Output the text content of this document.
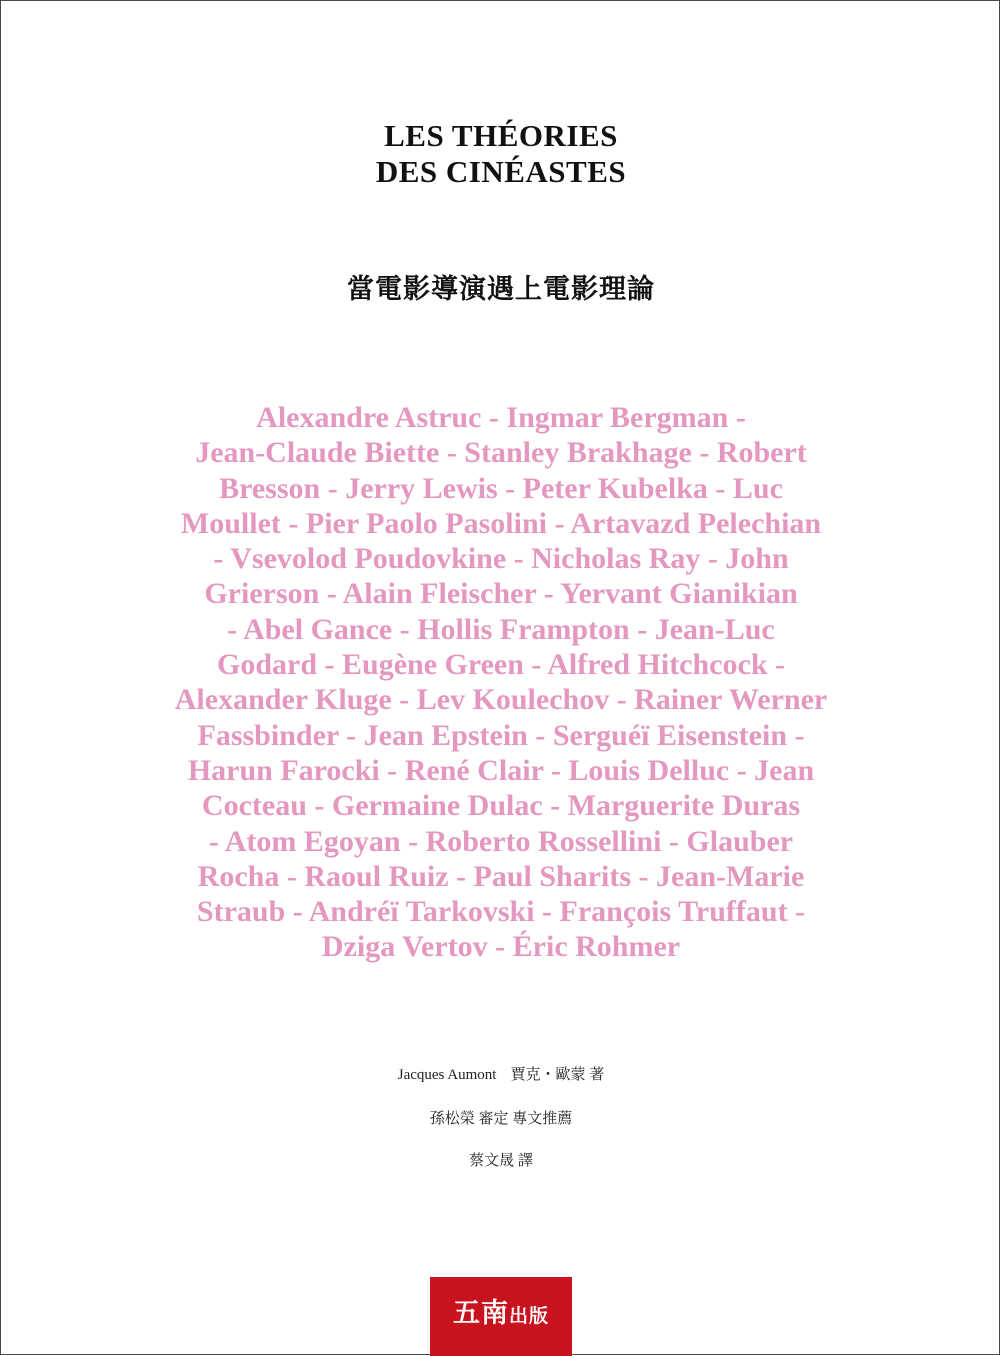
LES THÉORIES
DES CINÉASTES
當電影導演遇上電影理論
Alexandre Astruc - Ingmar Bergman -
Jean-Claude Biette - Stanley Brakhage - Robert
Bresson - Jerry Lewis - Peter Kubelka - Luc
Moullet - Pier Paolo Pasolini - Artavazd Pelechian
- Vsevolod Poudovkine - Nicholas Ray - John
Grierson - Alain Fleischer - Yervant Gianikian
- Abel Gance - Hollis Frampton - Jean-Luc
Godard - Eugène Green - Alfred Hitchcock -
Alexander Kluge - Lev Koulechov - Rainer Werner
Fassbinder - Jean Epstein - Serguéï Eisenstein -
Harun Farocki - René Clair - Louis Delluc - Jean
Cocteau - Germaine Dulac - Marguerite Duras
- Atom Egoyan - Roberto Rossellini - Glauber
Rocha - Raoul Ruiz - Paul Sharits - Jean-Marie
Straub - Andréï Tarkovski - François Truffaut -
Dziga Vertov - Éric Rohmer
Jacques Aumont 賈克・歐蒙 著
孫松榮 審定 專文推薦
蔡文晟 譯
五南出版
